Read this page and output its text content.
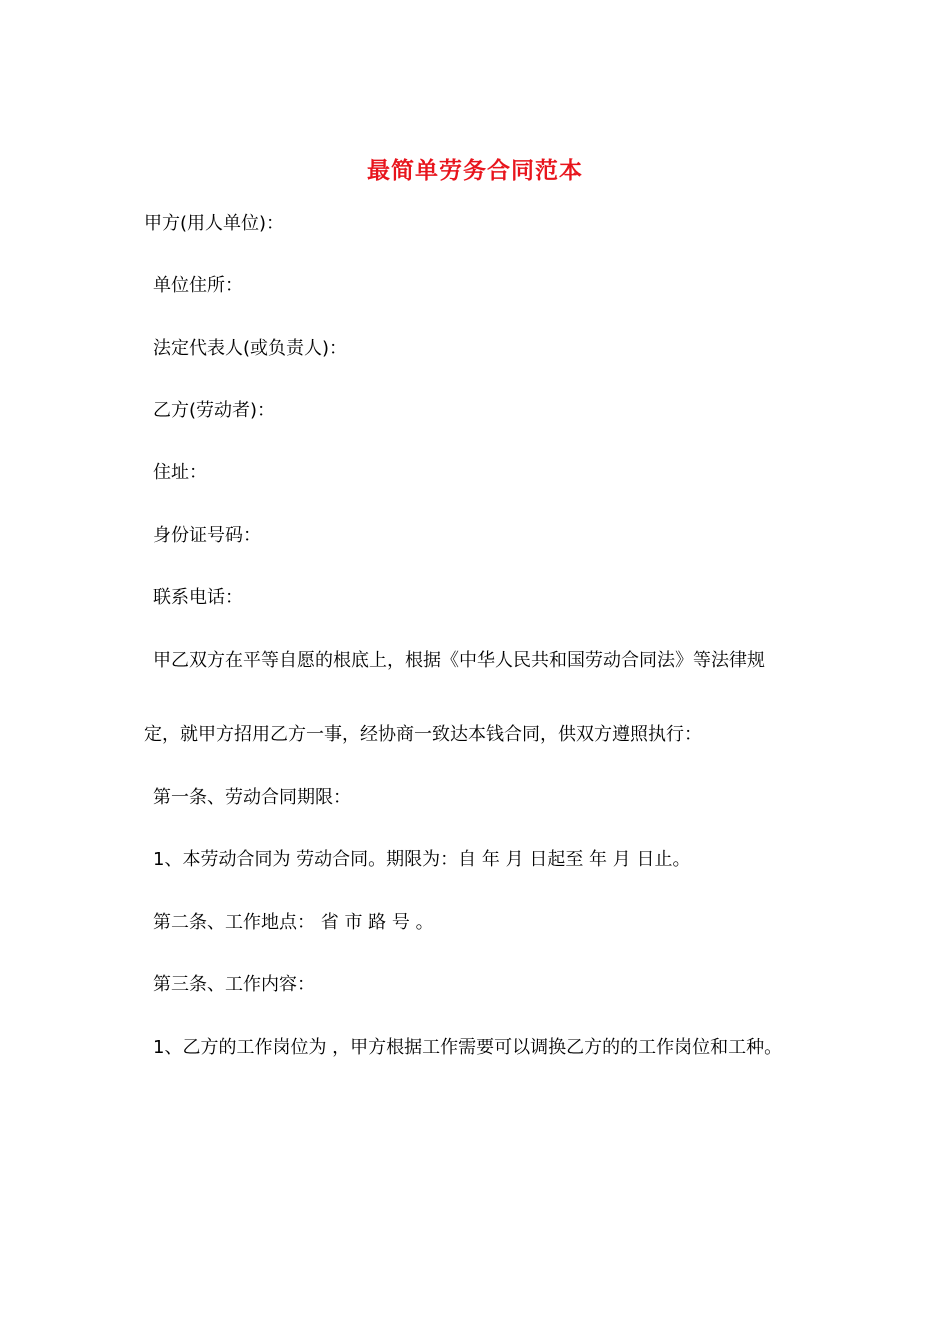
最简单劳务合同范本
甲方(用人单位)：
单位住所：
法定代表人(或负责人)：
乙方(劳动者)：
住址：
身份证号码：
联系电话：
甲乙双方在平等自愿的根底上，根据《中华人民共和国劳动合同法》等法律规
定，就甲方招用乙方一事，经协商一致达本钱合同，供双方遵照执行：
第一条、劳动合同期限：
1、本劳动合同为 劳动合同。期限为：自 年 月 日起至 年 月 日止。
第二条、工作地点： 省 市 路 号 。
第三条、工作内容：
1、乙方的工作岗位为 ，甲方根据工作需要可以调换乙方的的工作岗位和工种。
